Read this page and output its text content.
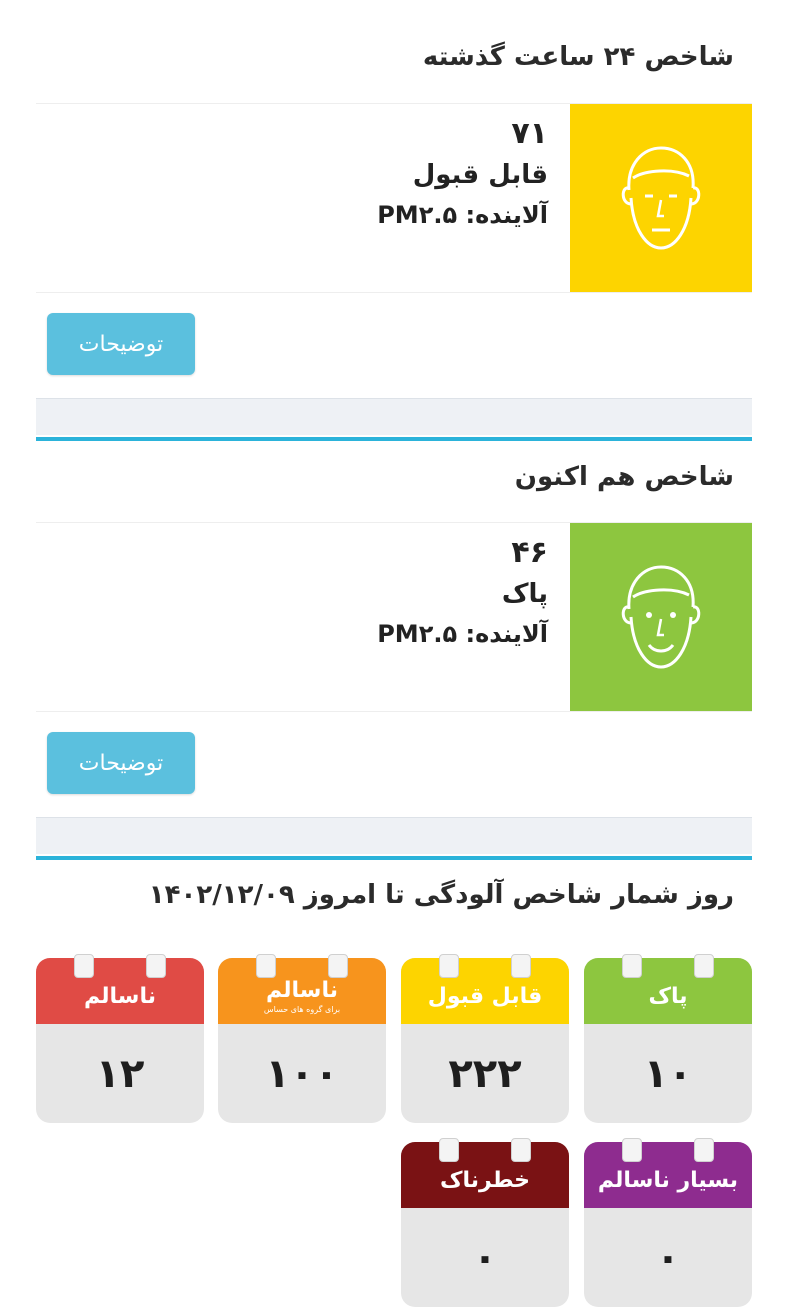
شاخص ۲۴ ساعت گذشته
۷۱
قابل قبول
آلاینده: PM۲.۵
توضیحات
شاخص هم اکنون
۴۶
پاک
آلاینده: PM۲.۵
توضیحات
روز شمار شاخص آلودگی تا امروز ۱۴۰۲/۱۲/۰۹
پاک
۱۰
قابل قبول
۲۲۲
ناسالم
برای گروه های حساس
۱۰۰
ناسالم
۱۲
بسیار ناسالم
۰
خطرناک
۰
